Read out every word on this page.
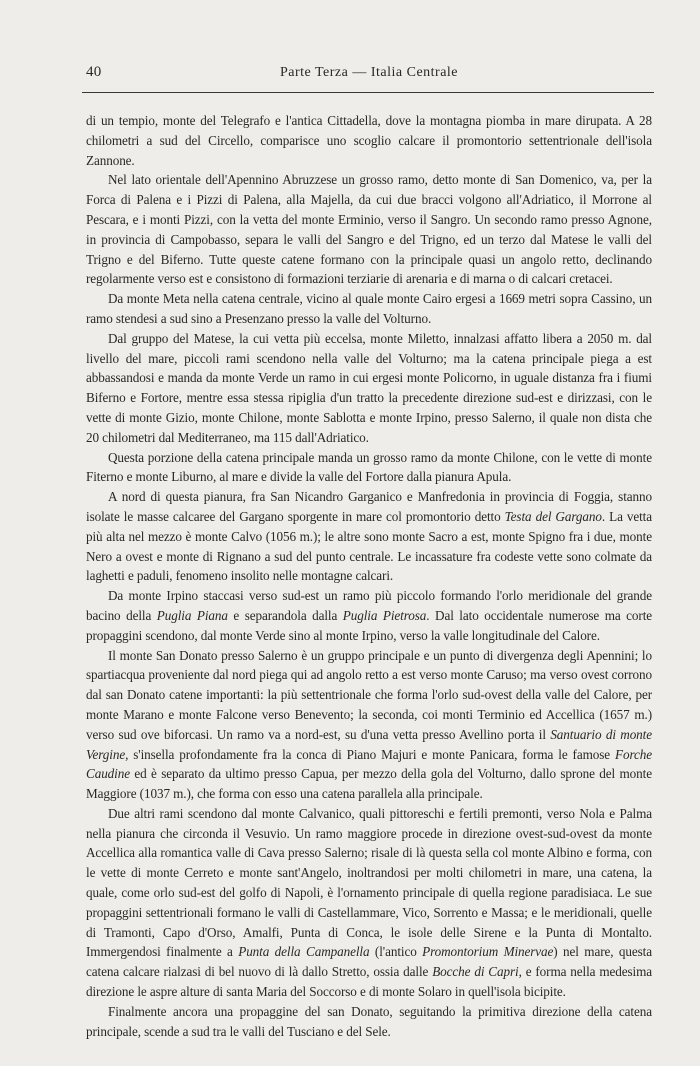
40	Parte Terza — Italia Centrale

di un tempio, monte del Telegrafo e l'antica Cittadella, dove la montagna piomba in mare dirupata. A 28 chilometri a sud del Circello, comparisce uno scoglio calcare il promontorio settentrionale dell'isola Zannone.

Nel lato orientale dell'Apennino Abruzzese un grosso ramo, detto monte di San Domenico, va, per la Forca di Palena e i Pizzi di Palena, alla Majella, da cui due bracci volgono all'Adriatico, il Morrone al Pescara, e i monti Pizzi, con la vetta del monte Erminio, verso il Sangro. Un secondo ramo presso Agnone, in provincia di Campobasso, separa le valli del Sangro e del Trigno, ed un terzo dal Matese le valli del Trigno e del Biferno. Tutte queste catene formano con la principale quasi un angolo retto, declinando regolarmente verso est e consistono di formazioni terziarie di arenaria e di marna o di calcari cretacei.

Da monte Meta nella catena centrale, vicino al quale monte Cairo ergesi a 1669 metri sopra Cassino, un ramo stendesi a sud sino a Presenzano presso la valle del Volturno.

Dal gruppo del Matese, la cui vetta più eccelsa, monte Miletto, innalzasi affatto libera a 2050 m. dal livello del mare, piccoli rami scendono nella valle del Volturno; ma la catena principale piega a est abbassandosi e manda da monte Verde un ramo in cui ergesi monte Policorno, in uguale distanza fra i fiumi Biferno e Fortore, mentre essa stessa ripiglia d'un tratto la precedente direzione sud-est e dirizzasi, con le vette di monte Gizio, monte Chilone, monte Sablotta e monte Irpino, presso Salerno, il quale non dista che 20 chilometri dal Mediterraneo, ma 115 dall'Adriatico.

Questa porzione della catena principale manda un grosso ramo da monte Chilone, con le vette di monte Fiterno e monte Liburno, al mare e divide la valle del Fortore dalla pianura Apula.

A nord di questa pianura, fra San Nicandro Garganico e Manfredonia in provincia di Foggia, stanno isolate le masse calcaree del Gargano sporgente in mare col promontorio detto Testa del Gargano. La vetta più alta nel mezzo è monte Calvo (1056 m.); le altre sono monte Sacro a est, monte Spigno fra i due, monte Nero a ovest e monte di Rignano a sud del punto centrale. Le incassature fra codeste vette sono colmate da laghetti e paduli, fenomeno insolito nelle montagne calcari.

Da monte Irpino staccasi verso sud-est un ramo più piccolo formando l'orlo meridionale del grande bacino della Puglia Piana e separandola dalla Puglia Pietrosa. Dal lato occidentale numerose ma corte propaggini scendono, dal monte Verde sino al monte Irpino, verso la valle longitudinale del Calore.

Il monte San Donato presso Salerno è un gruppo principale e un punto di divergenza degli Apennini; lo spartiacqua proveniente dal nord piega qui ad angolo retto a est verso monte Caruso; ma verso ovest corrono dal san Donato catene importanti: la più settentrionale che forma l'orlo sud-ovest della valle del Calore, per monte Marano e monte Falcone verso Benevento; la seconda, coi monti Terminio ed Accellica (1657 m.) verso sud ove biforcasi. Un ramo va a nord-est, su d'una vetta presso Avellino porta il Santuario di monte Vergine, s'insella profondamente fra la conca di Piano Majuri e monte Panicara, forma le famose Forche Caudine ed è separato da ultimo presso Capua, per mezzo della gola del Volturno, dallo sprone del monte Maggiore (1037 m.), che forma con esso una catena parallela alla principale.

Due altri rami scendono dal monte Calvanico, quali pittoreschi e fertili premonti, verso Nola e Palma nella pianura che circonda il Vesuvio. Un ramo maggiore procede in direzione ovest-sud-ovest da monte Accellica alla romantica valle di Cava presso Salerno; risale di là questa sella col monte Albino e forma, con le vette di monte Cerreto e monte sant'Angelo, inoltrandosi per molti chilometri in mare, una catena, la quale, come orlo sud-est del golfo di Napoli, è l'ornamento principale di quella regione paradisiaca. Le sue propaggini settentrionali formano le valli di Castellammare, Vico, Sorrento e Massa; e le meridionali, quelle di Tramonti, Capo d'Orso, Amalfi, Punta di Conca, le isole delle Sirene e la Punta di Montalto. Immergendosi finalmente a Punta della Campanella (l'antico Promontorium Minervae) nel mare, questa catena calcare rialzasi di bel nuovo di là dallo Stretto, ossia dalle Bocche di Capri, e forma nella medesima direzione le aspre alture di santa Maria del Soccorso e di monte Solaro in quell'isola bicipite.

Finalmente ancora una propaggine del san Donato, seguitando la primitiva direzione della catena principale, scende a sud tra le valli del Tusciano e del Sele.
